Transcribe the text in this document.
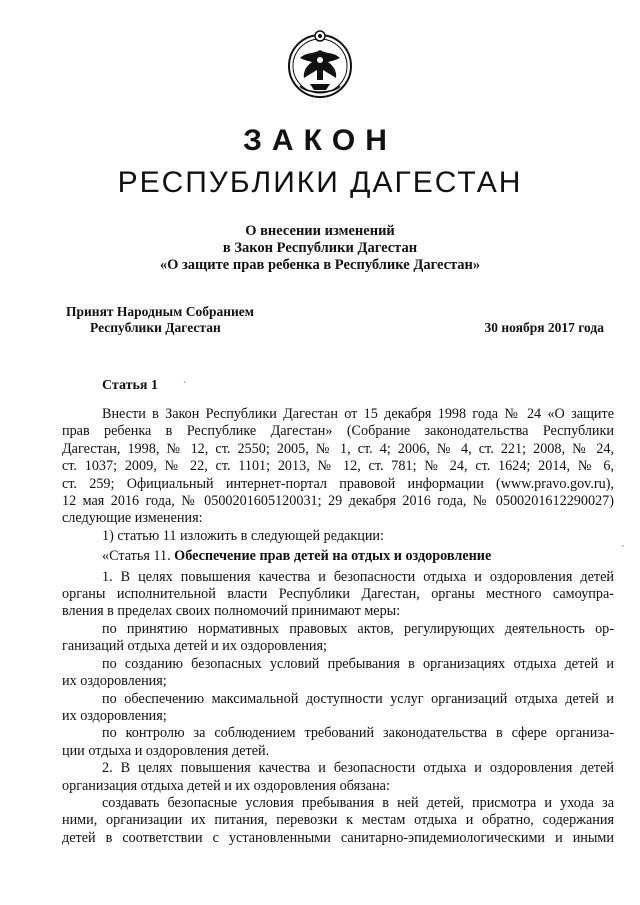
ЗАКОН
РЕСПУБЛИКИ ДАГЕСТАН
О внесении изменений
в Закон Республики Дагестан
«О защите прав ребенка в Республике Дагестан»
Принят Народным Собранием
Республики Дагестан	30 ноября 2017 года
Статья 1	ˋ
ˊ
Внести в Закон Республики Дагестан от 15 декабря 1998 года № 24 «О защите
прав ребенка в Республике Дагестан» (Собрание законодательства Республики
Дагестан, 1998, № 12, ст. 2550; 2005, № 1, ст. 4; 2006, № 4, ст. 221; 2008, № 24,
ст. 1037; 2009, № 22, ст. 1101; 2013, № 12, ст. 781; № 24, ст. 1624; 2014, № 6,
ст. 259; Официальный интернет-портал правовой информации (www.pravo.gov.ru),
12 мая 2016 года, № 0500201605120031; 29 декабря 2016 года, № 0500201612290027)
следующие изменения:
1) статью 11 изложить в следующей редакции:
«Статья 11. Обеспечение прав детей на отдых и оздоровление
1. В целях повышения качества и безопасности отдыха и оздоровления детей
органы исполнительной власти Республики Дагестан, органы местного самоупра-
вления в пределах своих полномочий принимают меры:
по принятию нормативных правовых актов, регулирующих деятельность ор-
ганизаций отдыха детей и их оздоровления;
по созданию безопасных условий пребывания в организациях отдыха детей и
их оздоровления;
по обеспечению максимальной доступности услуг организаций отдыха детей и
их оздоровления;
по контролю за соблюдением требований законодательства в сфере организа-
ции отдыха и оздоровления детей.
2. В целях повышения качества и безопасности отдыха и оздоровления детей
организация отдыха детей и их оздоровления обязана:
создавать безопасные условия пребывания в ней детей, присмотра и ухода за
ними, организации их питания, перевозки к местам отдыха и обратно, содержания
детей в соответствии с установленными санитарно-эпидемиологическими и иными
